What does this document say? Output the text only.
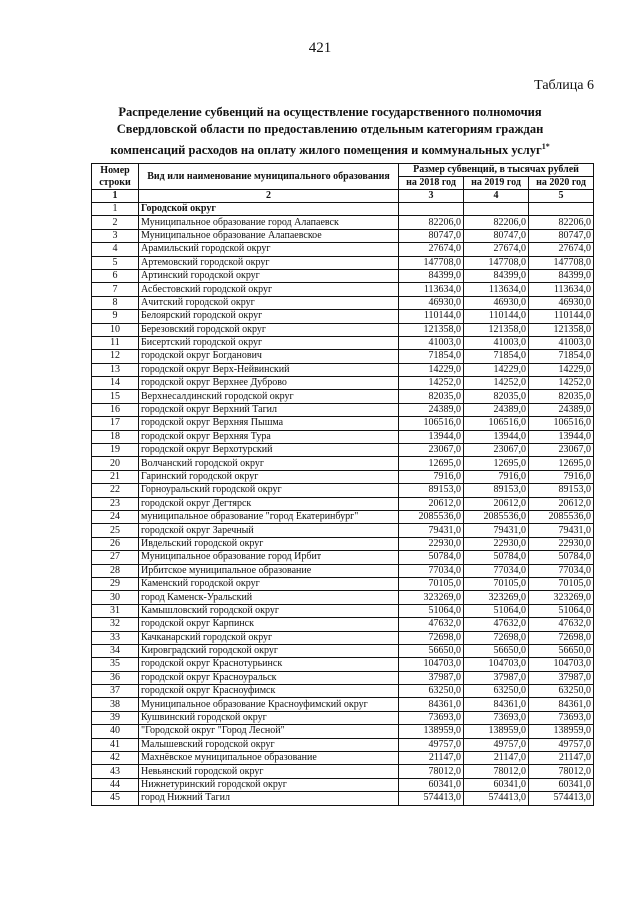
421
Таблица 6
Распределение субвенций на осуществление государственного полномочия
Свердловской области по предоставлению отдельным категориям граждан
компенсаций расходов на оплату жилого помещения и коммунальных услуг$^{1*}$
Номер строки	Вид или наименование муниципального образования	Размер субвенций, в тысячах рублей		
		на 2018 год	на 2019 год	на 2020 год
1	2	3	4	5
1	Городской округ			
2	Муниципальное образование город Алапаевск	82206,0	82206,0	82206,0
3	Муниципальное образование Алапаевское	80747,0	80747,0	80747,0
4	Арамильский городской округ	27674,0	27674,0	27674,0
5	Артемовский городской округ	147708,0	147708,0	147708,0
6	Артинский городской округ	84399,0	84399,0	84399,0
7	Асбестовский городской округ	113634,0	113634,0	113634,0
8	Ачитский городской округ	46930,0	46930,0	46930,0
9	Белоярский городской округ	110144,0	110144,0	110144,0
10	Березовский городской округ	121358,0	121358,0	121358,0
11	Бисертский городской округ	41003,0	41003,0	41003,0
12	городской округ Богданович	71854,0	71854,0	71854,0
13	городской округ Верх-Нейвинский	14229,0	14229,0	14229,0
14	городской округ Верхнее Дуброво	14252,0	14252,0	14252,0
15	Верхнесалдинский городской округ	82035,0	82035,0	82035,0
16	городской округ Верхний Тагил	24389,0	24389,0	24389,0
17	городской округ Верхняя Пышма	106516,0	106516,0	106516,0
18	городской округ Верхняя Тура	13944,0	13944,0	13944,0
19	городской округ Верхотурский	23067,0	23067,0	23067,0
20	Волчанский городской округ	12695,0	12695,0	12695,0
21	Гаринский городской округ	7916,0	7916,0	7916,0
22	Горноуральский городской округ	89153,0	89153,0	89153,0
23	городской округ Дегтярск	20612,0	20612,0	20612,0
24	муниципальное образование "город Екатеринбург"	2085536,0	2085536,0	2085536,0
25	городской округ Заречный	79431,0	79431,0	79431,0
26	Ивдельский городской округ	22930,0	22930,0	22930,0
27	Муниципальное образование город Ирбит	50784,0	50784,0	50784,0
28	Ирбитское муниципальное образование	77034,0	77034,0	77034,0
29	Каменский городской округ	70105,0	70105,0	70105,0
30	город Каменск-Уральский	323269,0	323269,0	323269,0
31	Камышловский городской округ	51064,0	51064,0	51064,0
32	городской округ Карпинск	47632,0	47632,0	47632,0
33	Качканарский городской округ	72698,0	72698,0	72698,0
34	Кировградский городской округ	56650,0	56650,0	56650,0
35	городской округ Краснотурьинск	104703,0	104703,0	104703,0
36	городской округ Красноуральск	37987,0	37987,0	37987,0
37	городской округ Красноуфимск	63250,0	63250,0	63250,0
38	Муниципальное образование Красноуфимский округ	84361,0	84361,0	84361,0
39	Кушвинский городской округ	73693,0	73693,0	73693,0
40	"Городской округ "Город Лесной"	138959,0	138959,0	138959,0
41	Малышевский городской округ	49757,0	49757,0	49757,0
42	Махнёвское муниципальное образование	21147,0	21147,0	21147,0
43	Невьянский городской округ	78012,0	78012,0	78012,0
44	Нижнетуринский городской округ	60341,0	60341,0	60341,0
45	город Нижний Тагил	574413,0	574413,0	574413,0
